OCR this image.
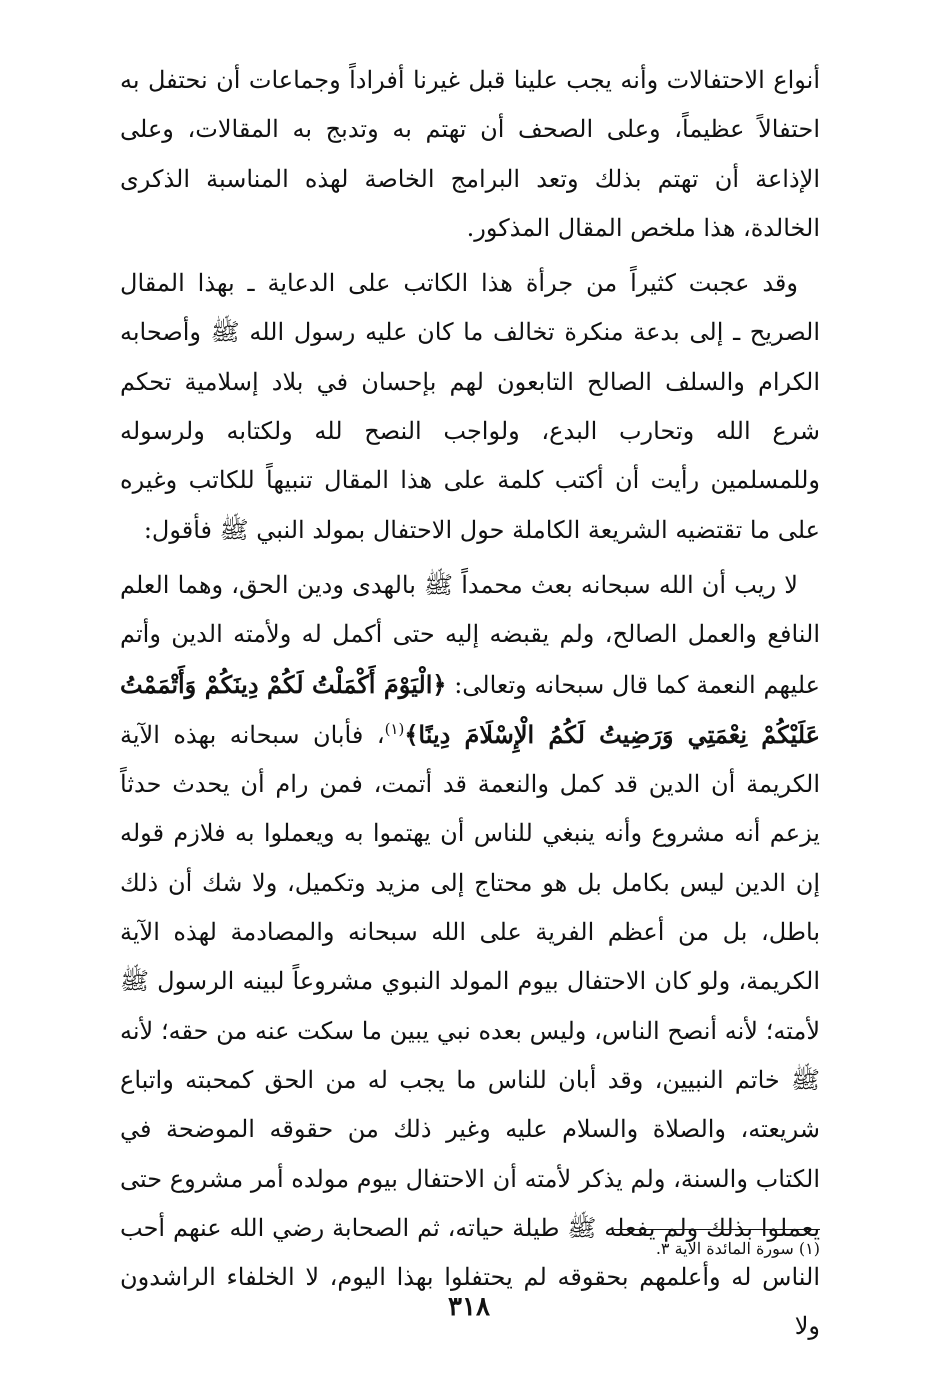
أنواع الاحتفالات وأنه يجب علينا قبل غيرنا أفراداً وجماعات أن نحتفل به احتفالاً عظيماً، وعلى الصحف أن تهتم به وتدبج به المقالات، وعلى الإذاعة أن تهتم بذلك وتعد البرامج الخاصة لهذه المناسبة الذكرى الخالدة، هذا ملخص المقال المذكور.

وقد عجبت كثيراً من جرأة هذا الكاتب على الدعاية ـ بهذا المقال الصريح ـ إلى بدعة منكرة تخالف ما كان عليه رسول الله ﷺ وأصحابه الكرام والسلف الصالح التابعون لهم بإحسان في بلاد إسلامية تحكم شرع الله وتحارب البدع، ولواجب النصح لله ولكتابه ولرسوله وللمسلمين رأيت أن أكتب كلمة على هذا المقال تنبيهاً للكاتب وغيره على ما تقتضيه الشريعة الكاملة حول الاحتفال بمولد النبي ﷺ فأقول:

لا ريب أن الله سبحانه بعث محمداً ﷺ بالهدى ودين الحق، وهما العلم النافع والعمل الصالح، ولم يقبضه إليه حتى أكمل له ولأمته الدين وأتم عليهم النعمة كما قال سبحانه وتعالى: ﴿الْيَوْمَ أَكْمَلْتُ لَكُمْ دِينَكُمْ وَأَتْمَمْتُ عَلَيْكُمْ نِعْمَتِي وَرَضِيتُ لَكُمُ الْإِسْلَامَ دِينًا﴾$^{(١)}$، فأبان سبحانه بهذه الآية الكريمة أن الدين قد كمل والنعمة قد أتمت، فمن رام أن يحدث حدثاً يزعم أنه مشروع وأنه ينبغي للناس أن يهتموا به ويعملوا به فلازم قوله إن الدين ليس بكامل بل هو محتاج إلى مزيد وتكميل، ولا شك أن ذلك باطل، بل من أعظم الفرية على الله سبحانه والمصادمة لهذه الآية الكريمة، ولو كان الاحتفال بيوم المولد النبوي مشروعاً لبينه الرسول ﷺ لأمته؛ لأنه أنصح الناس، وليس بعده نبي يبين ما سكت عنه من حقه؛ لأنه ﷺ خاتم النبيين، وقد أبان للناس ما يجب له من الحق كمحبته واتباع شريعته، والصلاة والسلام عليه وغير ذلك من حقوقه الموضحة في الكتاب والسنة، ولم يذكر لأمته أن الاحتفال بيوم مولده أمر مشروع حتى يعملوا بذلك ولم يفعله ﷺ طيلة حياته، ثم الصحابة رضي الله عنهم أحب الناس له وأعلمهم بحقوقه لم يحتفلوا بهذا اليوم، لا الخلفاء الراشدون ولا

(١) سورة المائدة الآية ٣.
٣١٨
